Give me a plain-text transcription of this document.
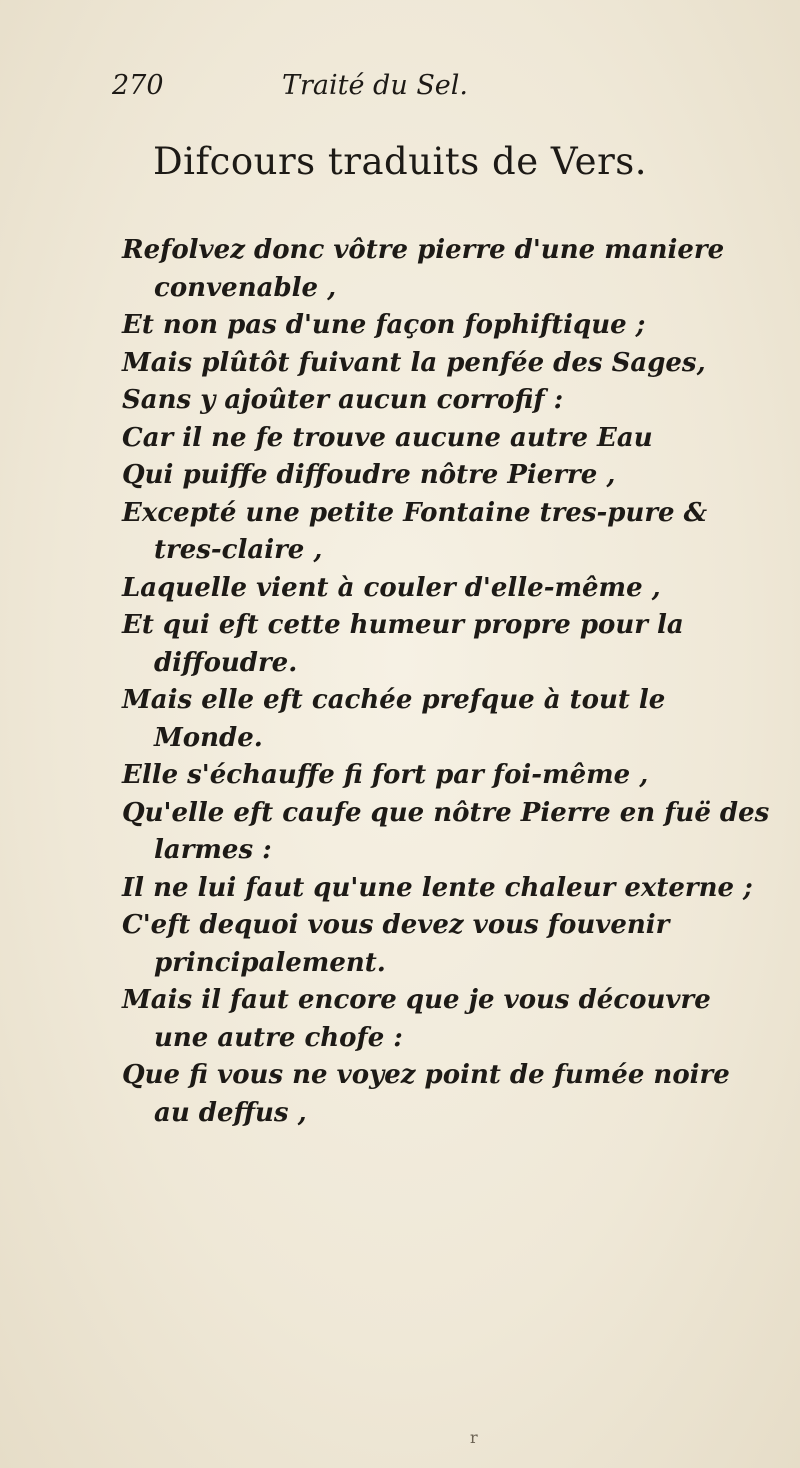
270	Traité du Sel.
Difcours traduits de Vers.
Refolvez donc vôtre pierre d'une maniere convenable ,
Et non pas d'une façon fophiftique ;
Mais plûtôt fuivant la penfée des Sages,
Sans y ajoûter aucun corrofif :
Car il ne fe trouve aucune autre Eau
Qui puiffe diffoudre nôtre Pierre ,
Excepté une petite Fontaine tres-pure & tres-claire ,
Laquelle vient à couler d'elle-même ,
Et qui eft cette humeur propre pour la diffoudre.
Mais elle eft cachée prefque à tout le Monde.
Elle s'échauffe fi fort par foi-même ,
Qu'elle eft caufe que nôtre Pierre en fuë des larmes :
Il ne lui faut qu'une lente chaleur externe ;
C'eft dequoi vous devez vous fouvenir principalement.
Mais il faut encore que je vous découvre une autre chofe :
Que fi vous ne voyez point de fumée noire au deffus ,
r
